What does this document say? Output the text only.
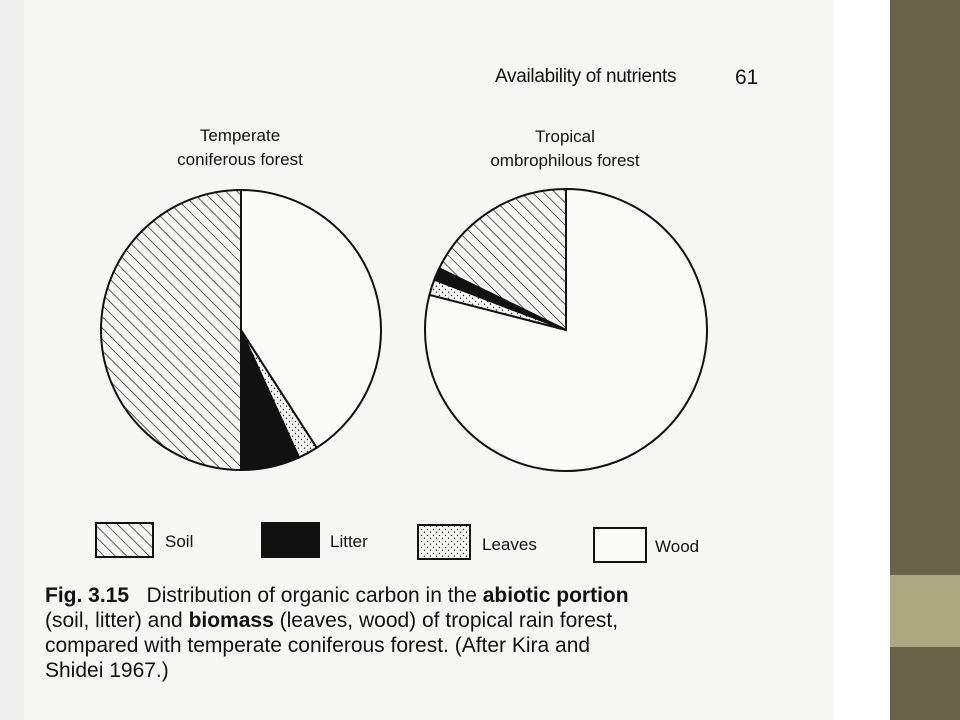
Availability of nutrients	61
Temperate
coniferous forest
Tropical
ombrophilous forest
Soil	Litter	Leaves	Wood
Fig. 3.15 Distribution of organic carbon in the abiotic portion
(soil, litter) and biomass (leaves, wood) of tropical rain forest,
compared with temperate coniferous forest. (After Kira and
Shidei 1967.)
